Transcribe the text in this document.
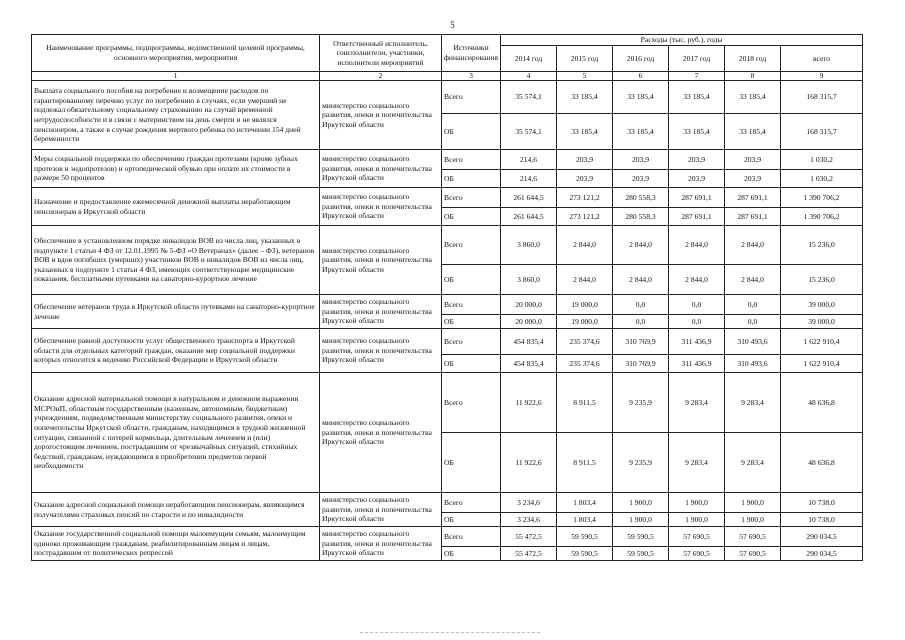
5
Наименование программы, подпрограммы, ведомственной целевой программы, основного мероприятия, мероприятия	Ответственный исполнитель, соисполнители, участники, исполнители мероприятий	Источники финансирования	Расходы (тыс. руб.), годы					
			2014 год	2015 год	2016 год	2017 год	2018 год	всего
1	2	3	4	5	6	7	8	9
Выплата социального пособия на погребение и возмещение расходов по гарантированному перечню услуг по погребению в случаях, если умерший не подлежал обязательному социальному страхованию на случай временной нетрудоспособности и в связи с материнством на день смерти и не являлся пенсионером, а также в случае рождения мертвого ребенка по истечении 154 дней беременности	министерство социального развития, опеки и попечительства Иркутской области	Всего	35 574,1	33 185,4	33 185,4	33 185,4	33 185,4	168 315,7
		ОБ	35 574,1	33 185,4	33 185,4	33 185,4	33 185,4	168 315,7
Меры социальной поддержки по обеспечению граждан протезами (кроме зубных протезов и эндопротезов) и ортопедической обувью при оплате их стоимости в размере 50 процентов	министерство социального развития, опеки и попечительства Иркутской области	Всего	214,6	203,9	203,9	203,9	203,9	1 030,2
		ОБ	214,6	203,9	203,9	203,9	203,9	1 030,2
Назначение и предоставление ежемесячной денежной выплаты неработающим пенсионерам в Иркутской области	министерство социального развития, опеки и попечительства Иркутской области	Всего	261 644,5	273 121,2	280 558,3	287 691,1	287 691,1	1 390 706,2
		ОБ	261 644,5	273 121,2	280 558,3	287 691,1	287 691,1	1 390 706,2
Обеспечение в установленном порядке инвалидов ВОВ из числа лиц, указанных в подпункте 1 статьи 4 ФЗ от 12.01.1995 № 5-ФЗ «О Ветеранах» (далее – ФЗ), ветеранов ВОВ и вдов погибших (умерших) участников ВОВ и инвалидов ВОВ из числа лиц, указанных в подпункте 1 статьи 4 ФЗ, имеющих соответствующие медицинские показания, бесплатными путевками на санаторно-курортное лечение	министерство социального развития, опеки и попечительства Иркутской области	Всего	3 860,0	2 844,0	2 844,0	2 844,0	2 844,0	15 236,0
		ОБ	3 860,0	2 844,0	2 844,0	2 844,0	2 844,0	15 236,0
Обеспечение ветеранов труда в Иркутской области путевками на санаторно-курортное лечение	министерство социального развития, опеки и попечительства Иркутской области	Всего	20 000,0	19 000,0	0,0	0,0	0,0	39 000,0
		ОБ	20 000,0	19 000,0	0,0	0,0	0,0	39 000,0
Обеспечение равной доступности услуг общественного транспорта в Иркутской области для отдельных категорий граждан, оказание мер социальной поддержки которых относится к ведению Российской Федерации и Иркутской области	министерство социального развития, опеки и попечительства Иркутской области	Всего	454 835,4	235 374,6	310 769,9	311 436,9	310 493,6	1 622 910,4
		ОБ	454 835,4	235 374,6	310 769,9	311 436,9	310 493,6	1 622 910,4
Оказание адресной материальной помощи в натуральном и денежном выражении МСРОиП, областным государственным (казенным, автономным, бюджетным) учреждениям, подведомственным министерству социального развития, опеки и попечительства Иркутской области, гражданам, находящимся в трудной жизненной ситуации, связанной с потерей кормильца, длительным лечением и (или) дорогостоящим лечением, пострадавшим от чрезвычайных ситуаций, стихийных бедствий, гражданам, нуждающимся в приобретении предметов первой необходимости	министерство социального развития, опеки и попечительства Иркутской области	Всего	11 922,6	8 911,5	9 235,9	9 283,4	9 283,4	48 636,8
		ОБ	11 922,6	8 911,5	9 235,9	9 283,4	9 283,4	48 636,8
Оказание адресной социальной помощи неработающим пенсионерам, являющимся получателями страховых пенсий по старости и по инвалидности	министерство социального развития, опеки и попечительства Иркутской области	Всего	3 234,6	1 803,4	1 900,0	1 900,0	1 900,0	10 738,0
		ОБ	3 234,6	1 803,4	1 900,0	1 900,0	1 900,0	10 738,0
Оказание государственной социальной помощи малоимущим семьям, малоимущим одиноко проживающим гражданам, реабилитированным лицам и лицам, пострадавшим от политических репрессий	министерство социального развития, опеки и попечительства Иркутской области	Всего	55 472,5	59 590,5	59 590,5	57 690,5	57 690,5	290 034,5
		ОБ	55 472,5	59 590,5	59 590,5	57 690,5	57 690,5	290 034,5
